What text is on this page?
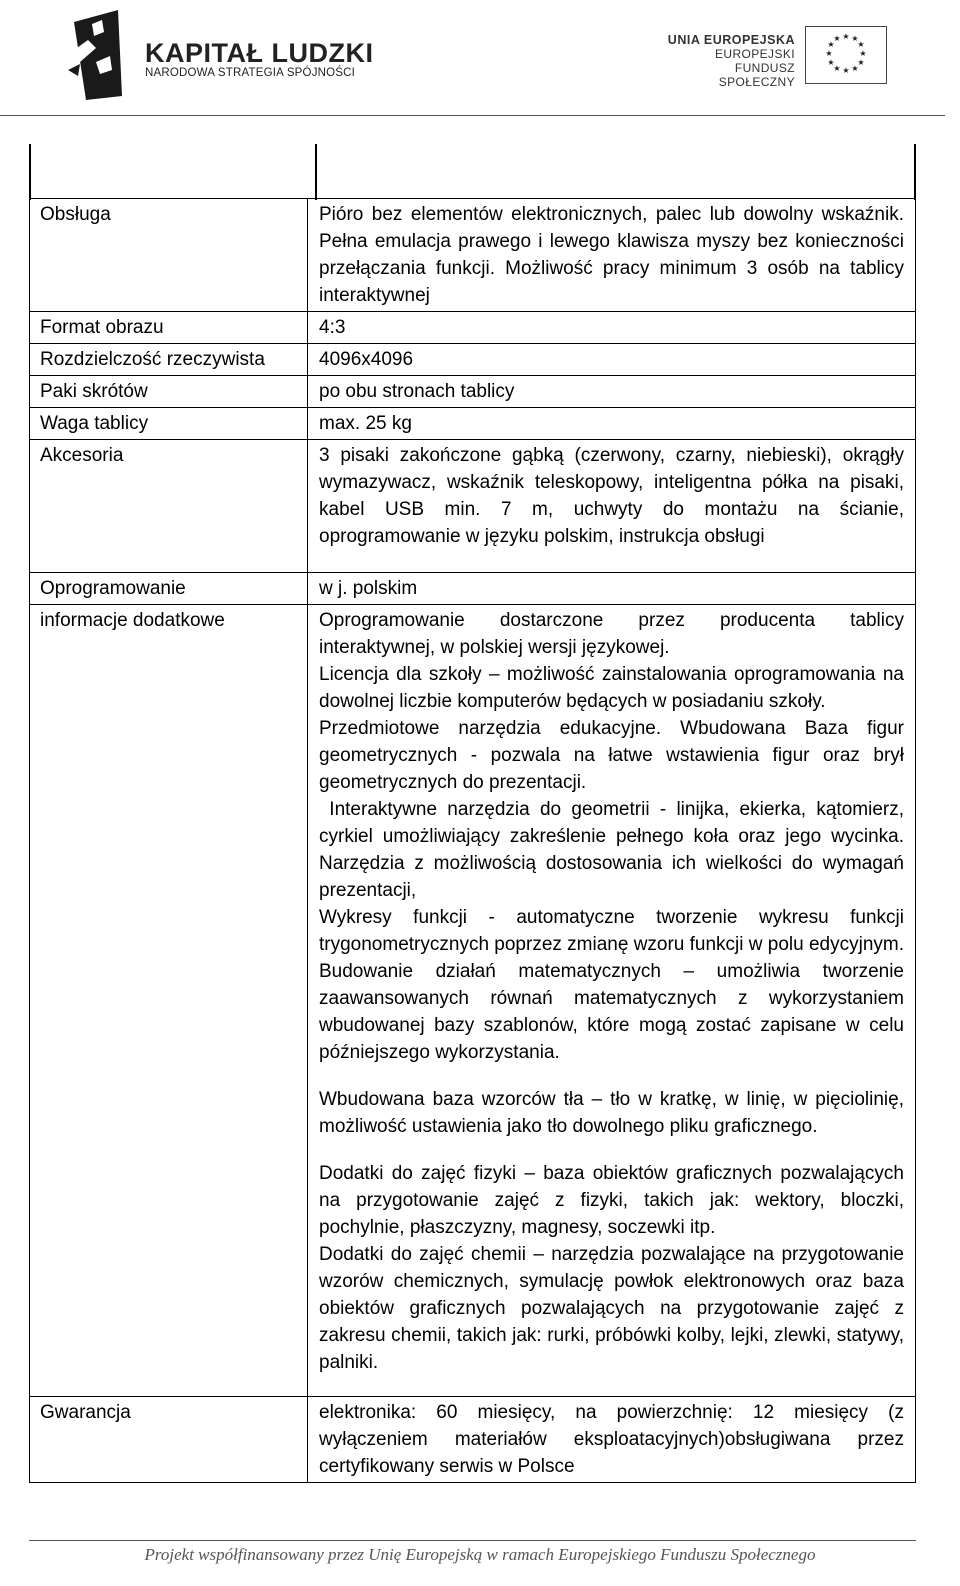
KAPITAŁ LUDZKI
NARODOWA STRATEGIA SPÓJNOŚCI
UNIA EUROPEJSKA
EUROPEJSKI
FUNDUSZ SPOŁECZNY
★ ★
★
★
★
★
★
★
★
★
★
★
Obsługa	Pióro bez elementów elektronicznych, palec lub dowolny wskaźnik. Pełna emulacja prawego i lewego klawisza myszy bez konieczności przełączania funkcji. Możliwość pracy minimum 3 osób na tablicy interaktywnej

Format obrazu	4:3

Rozdzielczość rzeczywista	4096x4096

Paki skrótów	po obu stronach tablicy

Waga tablicy	max. 25 kg

Akcesoria	3 pisaki zakończone gąbką (czerwony, czarny, niebieski), okrągły wymazywacz, wskaźnik teleskopowy, inteligentna półka na pisaki, kabel USB min. 7 m, uchwyty do montażu na ścianie, oprogramowanie w języku polskim, instrukcja obsługi

Oprogramowanie	w j. polskim

informacje dodatkowe	Oprogramowanie dostarczone przez producenta tablicy interaktywnej, w polskiej wersji językowej.

Licencja dla szkoły – możliwość zainstalowania oprogramowania na dowolnej liczbie komputerów będących w posiadaniu szkoły.

Przedmiotowe narzędzia edukacyjne. Wbudowana Baza figur geometrycznych - pozwala na łatwe wstawienia figur oraz brył geometrycznych do prezentacji.

Interaktywne narzędzia do geometrii - linijka, ekierka, kątomierz, cyrkiel umożliwiający zakreślenie pełnego koła oraz jego wycinka. Narzędzia z możliwością dostosowania ich wielkości do wymagań prezentacji,

Wykresy funkcji - automatyczne tworzenie wykresu funkcji trygonometrycznych poprzez zmianę wzoru funkcji w polu edycyjnym.

Budowanie działań matematycznych – umożliwia tworzenie zaawansowanych równań matematycznych z wykorzystaniem wbudowanej bazy szablonów, które mogą zostać zapisane w celu późniejszego wykorzystania.

Wbudowana baza wzorców tła – tło w kratkę, w linię, w pięciolinię, możliwość ustawienia jako tło dowolnego pliku graficznego.

Dodatki do zajęć fizyki – baza obiektów graficznych pozwalających na przygotowanie zajęć z fizyki, takich jak: wektory, bloczki, pochylnie, płaszczyzny, magnesy, soczewki itp.

Dodatki do zajęć chemii – narzędzia pozwalające na przygotowanie wzorów chemicznych, symulację powłok elektronowych oraz baza obiektów graficznych pozwalających na przygotowanie zajęć z zakresu chemii, takich jak: rurki, próbówki kolby, lejki, zlewki, statywy, palniki.

Gwarancja	elektronika: 60 miesięcy, na powierzchnię: 12 miesięcy (z wyłączeniem materiałów eksploatacyjnych)obsługiwana przez certyfikowany serwis w Polsce

Projekt współfinansowany przez Unię Europejską w ramach Europejskiego Funduszu Społecznego
